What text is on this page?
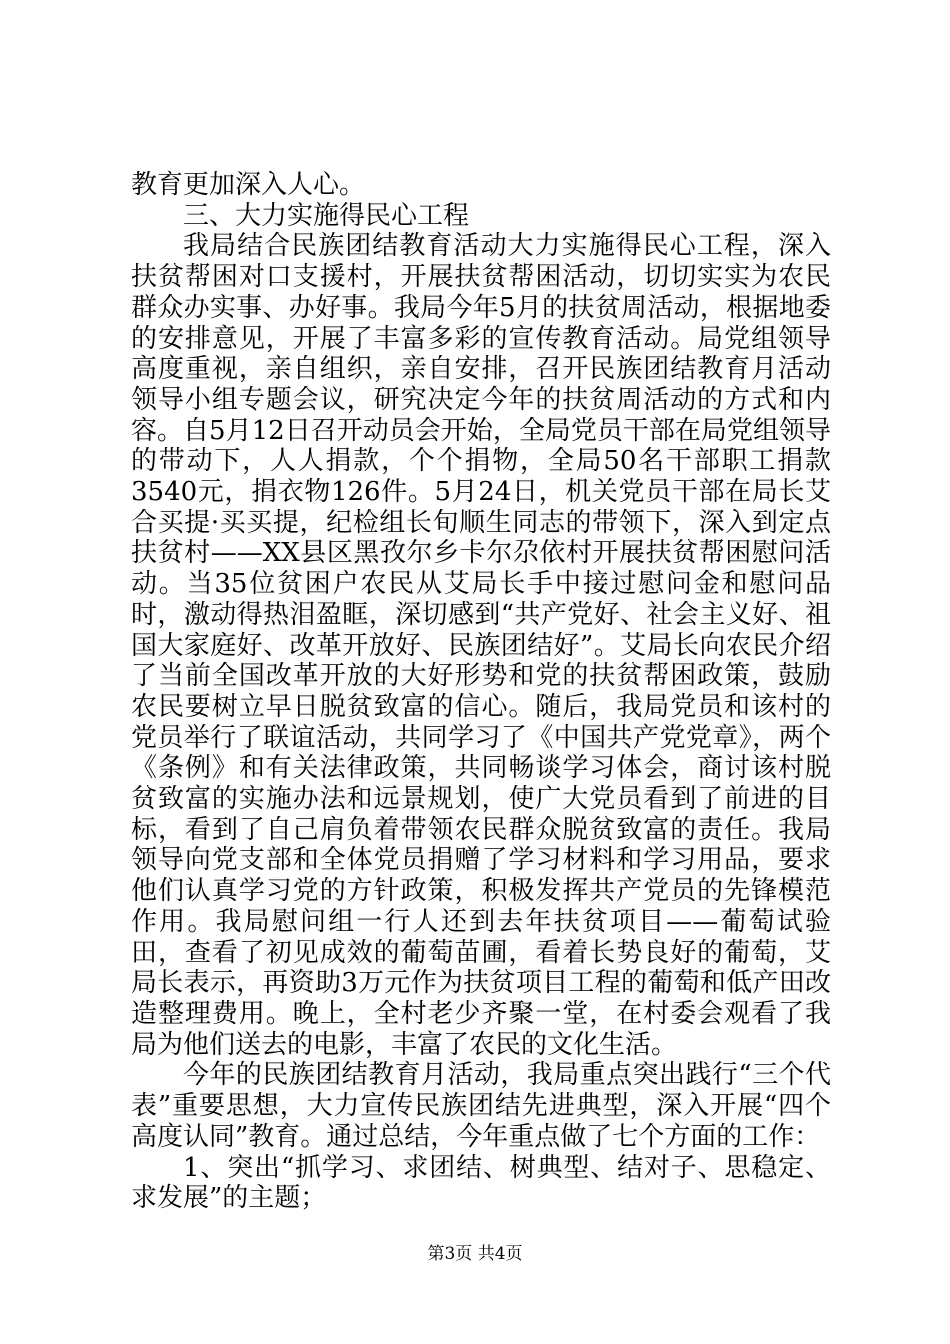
教育更加深入人心。

三、大力实施得民心工程

我局结合民族团结教育活动大力实施得民心工程，深入扶贫帮困对口支援村，开展扶贫帮困活动，切切实实为农民群众办实事、办好事。我局今年5月的扶贫周活动，根据地委的安排意见，开展了丰富多彩的宣传教育活动。局党组领导高度重视，亲自组织，亲自安排，召开民族团结教育月活动领导小组专题会议，研究决定今年的扶贫周活动的方式和内容。自5月12日召开动员会开始，全局党员干部在局党组领导的带动下，人人捐款，个个捐物，全局50名干部职工捐款3540元，捐衣物126件。5月24日，机关党员干部在局长艾合买提·买买提，纪检组长旬顺生同志的带领下，深入到定点扶贫村——XX县区黑孜尔乡卡尔尕依村开展扶贫帮困慰问活动。当35位贫困户农民从艾局长手中接过慰问金和慰问品时，激动得热泪盈眶，深切感到“共产党好、社会主义好、祖国大家庭好、改革开放好、民族团结好”。艾局长向农民介绍了当前全国改革开放的大好形势和党的扶贫帮困政策，鼓励农民要树立早日脱贫致富的信心。随后，我局党员和该村的党员举行了联谊活动，共同学习了《中国共产党党章》，两个《条例》和有关法律政策，共同畅谈学习体会，商讨该村脱贫致富的实施办法和远景规划，使广大党员看到了前进的目标，看到了自己肩负着带领农民群众脱贫致富的责任。我局领导向党支部和全体党员捐赠了学习材料和学习用品，要求他们认真学习党的方针政策，积极发挥共产党员的先锋模范作用。我局慰问组一行人还到去年扶贫项目——葡萄试验田，查看了初见成效的葡萄苗圃，看着长势良好的葡萄，艾局长表示，再资助3万元作为扶贫项目工程的葡萄和低产田改造整理费用。晚上，全村老少齐聚一堂，在村委会观看了我局为他们送去的电影，丰富了农民的文化生活。

今年的民族团结教育月活动，我局重点突出践行“三个代表”重要思想，大力宣传民族团结先进典型，深入开展“四个高度认同”教育。通过总结，今年重点做了七个方面的工作：

1、突出“抓学习、求团结、树典型、结对子、思稳定、求发展”的主题；

第3页 共4页
